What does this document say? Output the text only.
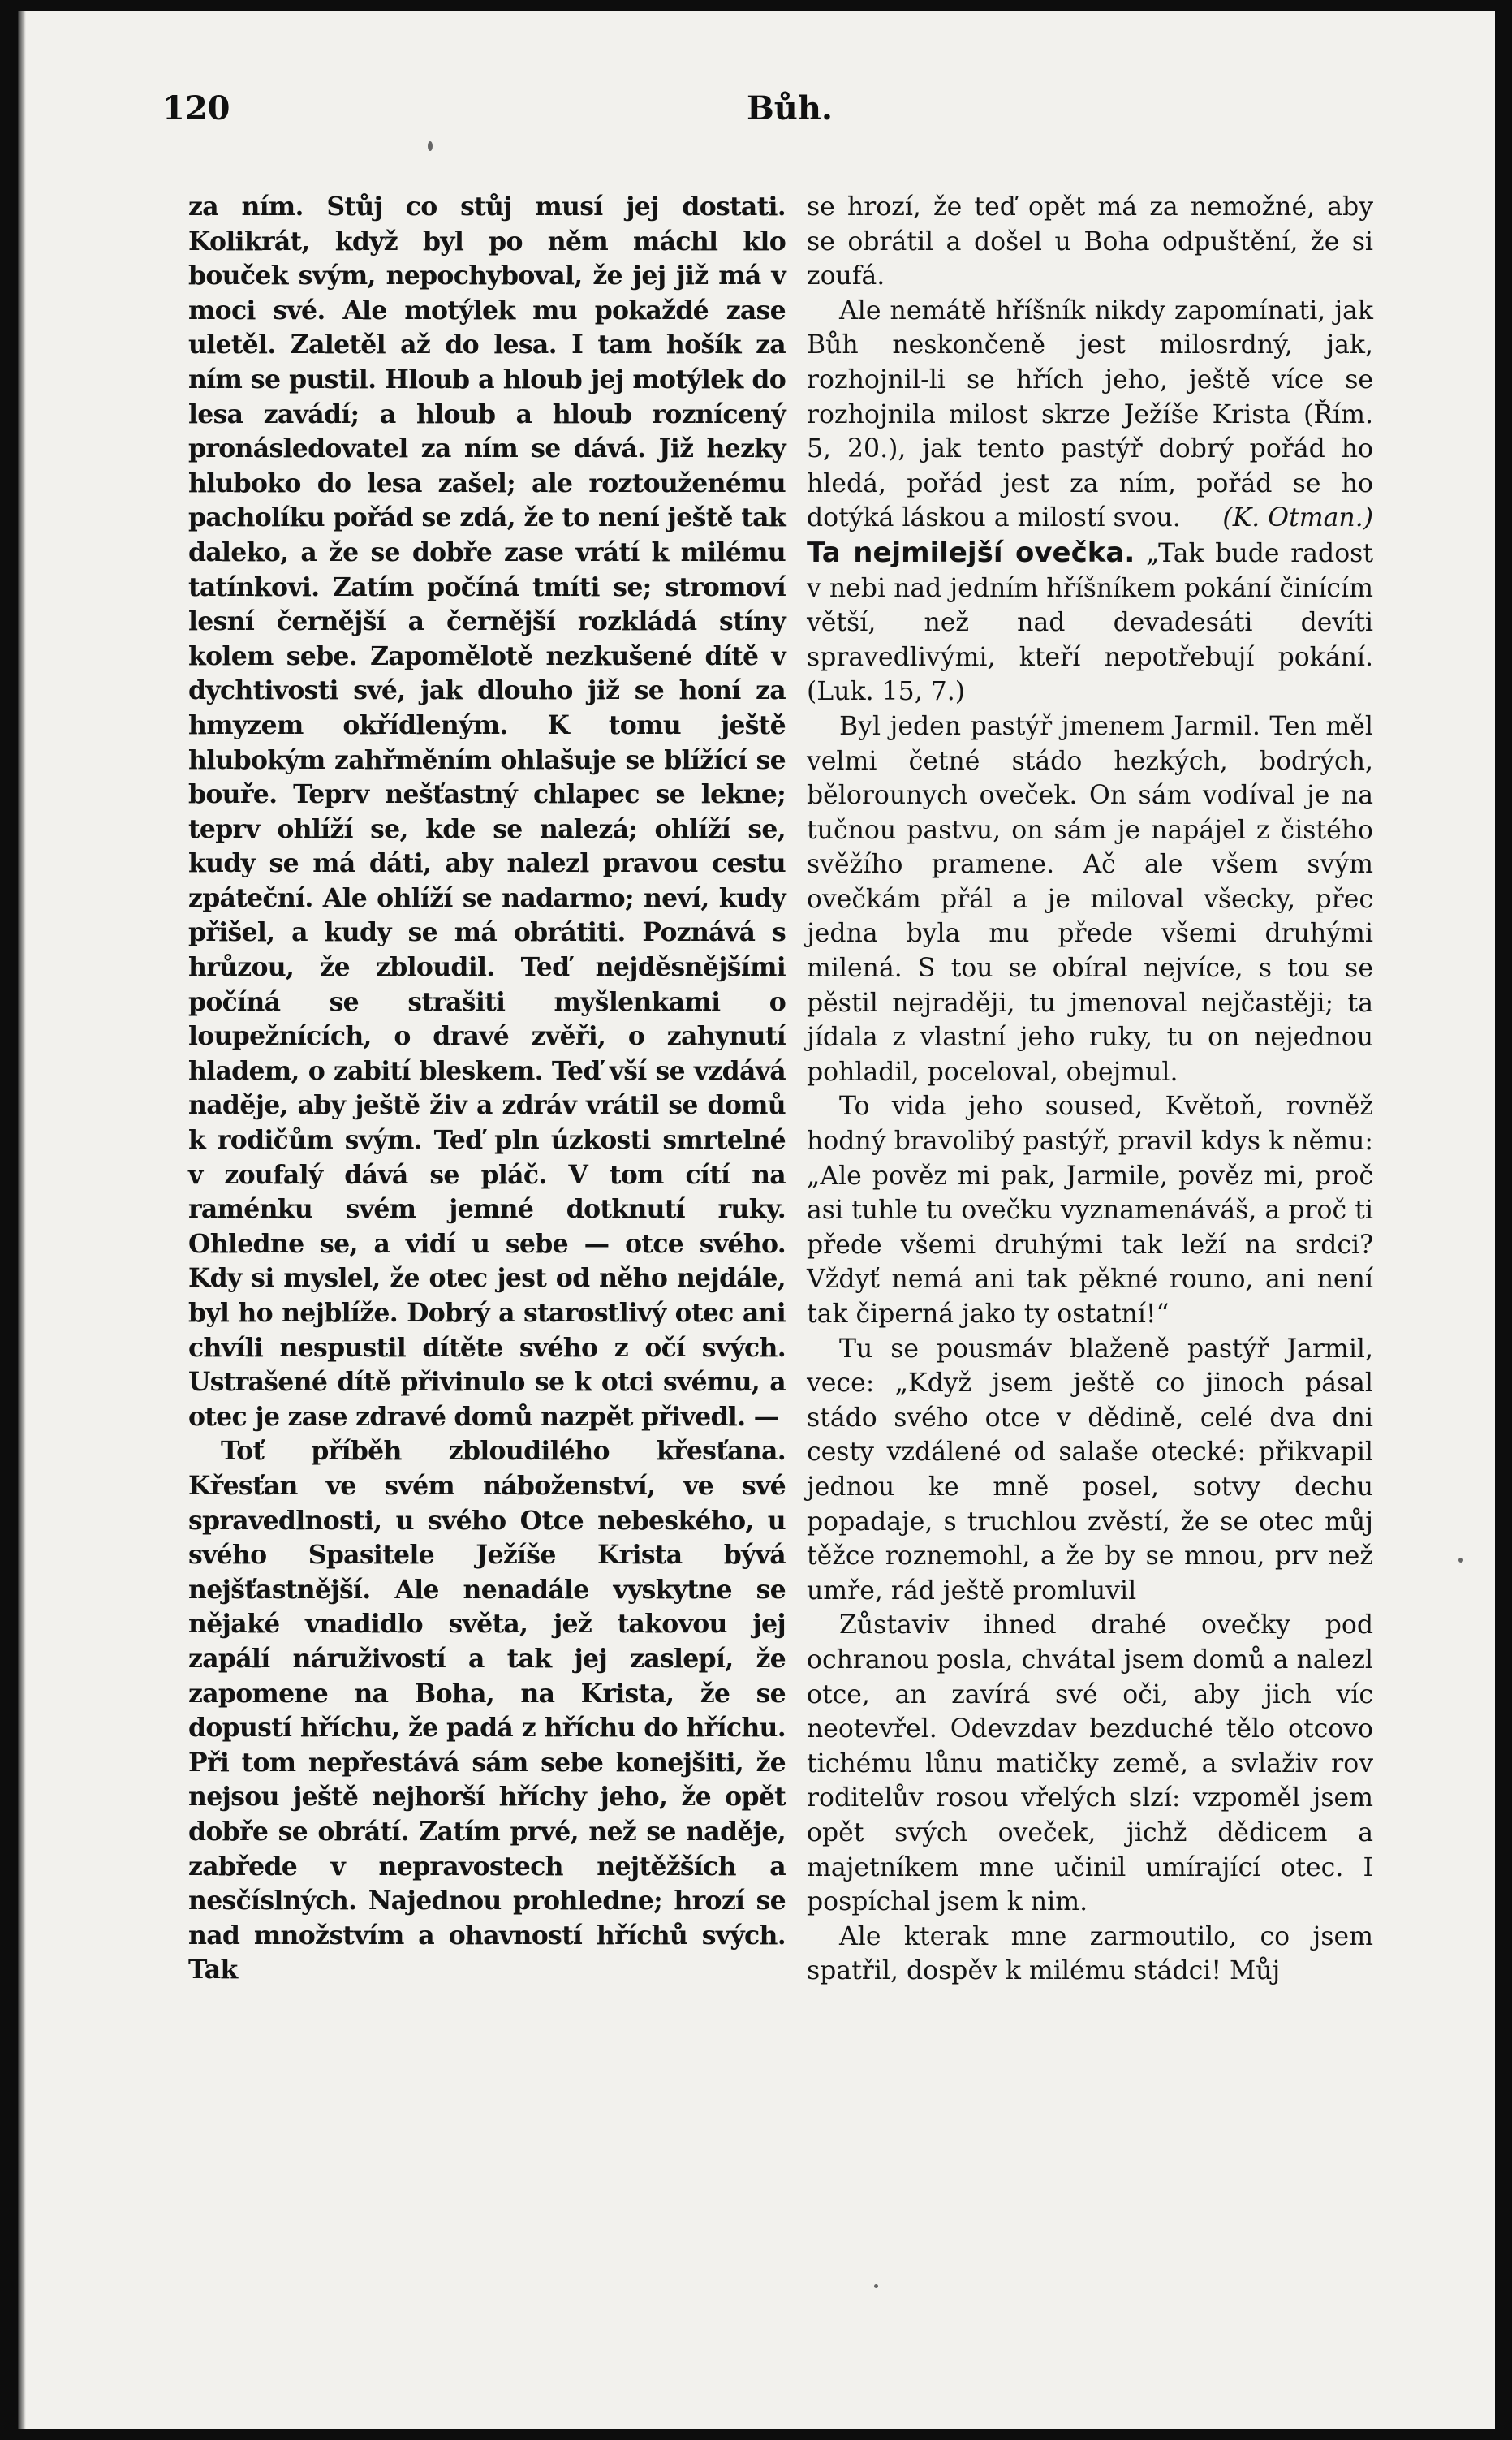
120	Bůh.

za ním. Stůj co stůj musí jej dostati. Kolikrát, když byl po něm máchl klo bouček svým, nepochyboval, že jej již má v moci své. Ale motýlek mu pokaždé zase uletěl. Zaletěl až do lesa. I tam hošík za ním se pustil. Hloub a hloub jej motýlek do lesa zavádí; a hloub a hloub roznícený pronásledovatel za ním se dává. Již hezky hluboko do lesa zašel; ale roztouženému pacholíku pořád se zdá, že to není ještě tak daleko, a že se dobře zase vrátí k milému tatínkovi. Zatím počíná tmíti se; stromoví lesní černější a černější rozkládá stíny kolem sebe. Zapomělotě nezkušené dítě v dychtivosti své, jak dlouho již se honí za hmyzem okřídleným. K tomu ještě hlubokým zahřměním ohlašuje se blížící se bouře. Teprv nešťastný chlapec se lekne; teprv ohlíží se, kde se nalezá; ohlíží se, kudy se má dáti, aby nalezl pravou cestu zpáteční. Ale ohlíží se nadarmo; neví, kudy přišel, a kudy se má obrátiti. Poznává s hrůzou, že zbloudil. Teď nejděsnějšími počíná se strašiti myšlenkami o loupežnících, o dravé zvěři, o zahynutí hladem, o zabití bleskem. Teď vší se vzdává naděje, aby ještě živ a zdráv vrátil se domů k rodičům svým. Teď pln úzkosti smrtelné v zoufalý dává se pláč. V tom cítí na raménku svém jemné dotknutí ruky. Ohledne se, a vidí u sebe — otce svého. Kdy si myslel, že otec jest od něho nejdále, byl ho nejblíže. Dobrý a starostlivý otec ani chvíli nespustil dítěte svého z očí svých. Ustrašené dítě přivinulo se k otci svému, a otec je zase zdravé domů nazpět přivedl. —

Toť příběh zbloudilého křesťana. Křesťan ve svém náboženství, ve své spravedlnosti, u svého Otce nebeského, u svého Spasitele Ježíše Krista bývá nejšťastnější. Ale nenadále vyskytne se nějaké vnadidlo světa, jež takovou jej zapálí náruživostí a tak jej zaslepí, že zapomene na Boha, na Krista, že se dopustí hříchu, že padá z hříchu do hříchu. Při tom nepřestává sám sebe konejšiti, že nejsou ještě nejhorší hříchy jeho, že opět dobře se obrátí. Zatím prvé, než se naděje, zabřede v nepravostech nejtěžších a nesčíslných. Najednou prohledne; hrozí se nad množstvím a ohavností hříchů svých. Tak

se hrozí, že teď opět má za nemožné, aby se obrátil a došel u Boha odpuštění, že si zoufá.

Ale nemátě hříšník nikdy zapomínati, jak Bůh neskončeně jest milosrdný, jak, rozhojnil-li se hřích jeho, ještě více se rozhojnila milost skrze Ježíše Krista (Řím. 5, 20.), jak tento pastýř dobrý pořád ho hledá, pořád jest za ním, pořád se ho dotýká láskou a milostí svou.	(K. Otman.)

Ta nejmilejší ovečka. „Tak bude radost v nebi nad jedním hříšníkem pokání činícím větší, než nad devadesáti devíti spravedlivými, kteří nepotřebují pokání. (Luk. 15, 7.)

Byl jeden pastýř jmenem Jarmil. Ten měl velmi četné stádo hezkých, bodrých, bělorounych oveček. On sám vodíval je na tučnou pastvu, on sám je napájel z čistého svěžího pramene. Ač ale všem svým ovečkám přál a je miloval všecky, přec jedna byla mu přede všemi druhými milená. S tou se obíral nejvíce, s tou se pěstil nejraději, tu jmenoval nejčastěji; ta jídala z vlastní jeho ruky, tu on nejednou pohladil, poceloval, obejmul.

To vida jeho soused, Květoň, rovněž hodný bravolibý pastýř, pravil kdys k němu: „Ale pověz mi pak, Jarmile, pověz mi, proč asi tuhle tu ovečku vyznamenáváš, a proč ti přede všemi druhými tak leží na srdci? Vždyť nemá ani tak pěkné rouno, ani není tak čiperná jako ty ostatní!“

Tu se pousmáv blaženě pastýř Jarmil, vece: „Když jsem ještě co jinoch pásal stádo svého otce v dědině, celé dva dni cesty vzdálené od salaše otecké: přikvapil jednou ke mně posel, sotvy dechu popadaje, s truchlou zvěstí, že se otec můj těžce roznemohl, a že by se mnou, prv než umře, rád ještě promluvil

Zůstaviv ihned drahé ovečky pod ochranou posla, chvátal jsem domů a nalezl otce, an zavírá své oči, aby jich víc neotevřel. Odevzdav bezduché tělo otcovo tichému lůnu matičky země, a svlaživ rov roditelův rosou vřelých slzí: vzpoměl jsem opět svých oveček, jichž dědicem a majetníkem mne učinil umírající otec. I pospíchal jsem k nim.

Ale kterak mne zarmoutilo, co jsem spatřil, dospěv k milému stádci! Můj
